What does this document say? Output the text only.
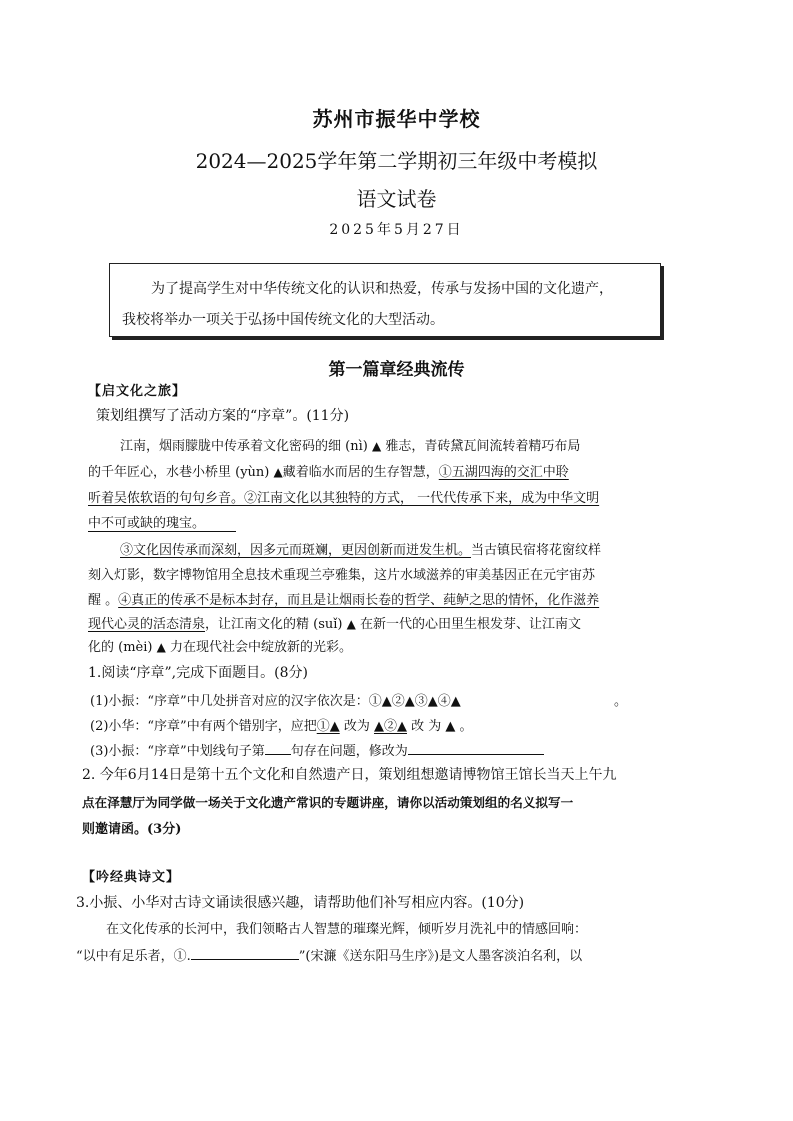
苏州市振华中学校
2024—2025学年第二学期初三年级中考模拟
语文试卷
2025年5月27日
为了提高学生对中华传统文化的认识和热爱，传承与发扬中国的文化遗产，
我校将举办一项关于弘扬中国传统文化的大型活动。
第一篇章经典流传
【启文化之旅】
策划组撰写了活动方案的“序章”。(11分)
江南，烟雨朦胧中传承着文化密码的细 (nì) ▲ 雅志，青砖黛瓦间流转着精巧布局
的千年匠心，水巷小桥里 (yùn) ▲藏着临水而居的生存智慧，①五湖四海的交汇中聆
听着吴侬软语的句句乡音。②江南文化以其独特的方式， 一代代传承下来，成为中华文明
中不可或缺的瑰宝。
③文化因传承而深刻，因多元而斑斓，更因创新而迸发生机。当古镇民宿将花窗纹样
刻入灯影，数字博物馆用全息技术重现兰亭雅集，这片水域滋养的审美基因正在元宇宙苏
醒 。④真正的传承不是标本封存，而且是让烟雨长卷的哲学、莼鲈之思的情怀，化作滋养
现代心灵的活态清泉，让江南文化的精 (suǐ) ▲ 在新一代的心田里生根发芽、让江南文
化的 (mèi) ▲ 力在现代社会中绽放新的光彩。
1.阅读“序章”,完成下面题目。(8分)
(1)小振：“序章”中几处拼音对应的汉字依次是：①▲②▲③▲④▲	。
(2)小华：“序章”中有两个错别字，应把①▲ 改为 ▲②▲ 改 为 ▲ 。
(3)小振：“序章”中划线句子第 句存在问题，修改为
2. 今年6月14日是第十五个文化和自然遗产日，策划组想邀请博物馆王馆长当天上午九
点在泽慧厅为同学做一场关于文化遗产常识的专题讲座，请你以活动策划组的名义拟写一
则邀请函。(3分)
【吟经典诗文】
3.小振、小华对古诗文诵读很感兴趣，请帮助他们补写相应内容。(10分)
在文化传承的长河中，我们领略古人智慧的璀璨光辉，倾听岁月洗礼中的情感回响：
“以中有足乐者，①.	”(宋濂《送东阳马生序》)是文人墨客淡泊名利，以
